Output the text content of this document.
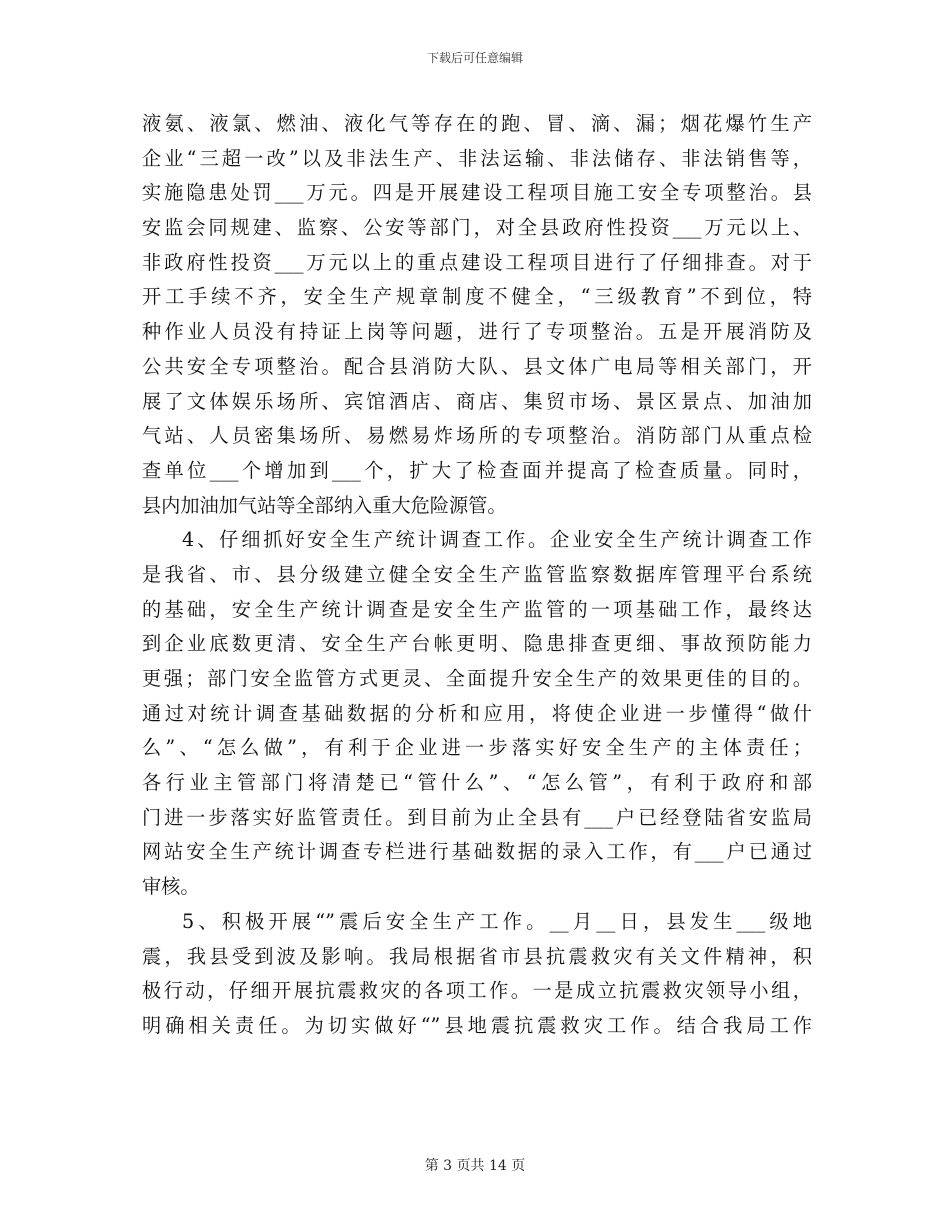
下载后可任意编辑
液氨、液氯、燃油、液化气等存在的跑、冒、滴、漏；烟花爆竹生产
企业“三超一改”以及非法生产、非法运输、非法储存、非法销售等，
实施隐患处罚___万元。四是开展建设工程项目施工安全专项整治。县
安监会同规建、监察、公安等部门，对全县政府性投资___万元以上、
非政府性投资___万元以上的重点建设工程项目进行了仔细排查。对于
开工手续不齐，安全生产规章制度不健全，“三级教育”不到位，特
种作业人员没有持证上岗等问题，进行了专项整治。五是开展消防及
公共安全专项整治。配合县消防大队、县文体广电局等相关部门，开
展了文体娱乐场所、宾馆酒店、商店、集贸市场、景区景点、加油加
气站、人员密集场所、易燃易炸场所的专项整治。消防部门从重点检
查单位___个增加到___个，扩大了检查面并提高了检查质量。同时，
县内加油加气站等全部纳入重大危险源管。
4、仔细抓好安全生产统计调查工作。企业安全生产统计调查工作
是我省、市、县分级建立健全安全生产监管监察数据库管理平台系统
的基础，安全生产统计调查是安全生产监管的一项基础工作，最终达
到企业底数更清、安全生产台帐更明、隐患排查更细、事故预防能力
更强；部门安全监管方式更灵、全面提升安全生产的效果更佳的目的。
通过对统计调查基础数据的分析和应用，将使企业进一步懂得“做什
么”、“怎么做”，有利于企业进一步落实好安全生产的主体责任；
各行业主管部门将清楚已“管什么”、“怎么管”，有利于政府和部
门进一步落实好监管责任。到目前为止全县有___户已经登陆省安监局
网站安全生产统计调查专栏进行基础数据的录入工作，有___户已通过
审核。
5、积极开展“”震后安全生产工作。__月__日，县发生___级地
震，我县受到波及影响。我局根据省市县抗震救灾有关文件精神，积
极行动，仔细开展抗震救灾的各项工作。一是成立抗震救灾领导小组，
明确相关责任。为切实做好“”县地震抗震救灾工作。结合我局工作
第 3 页共 14 页
